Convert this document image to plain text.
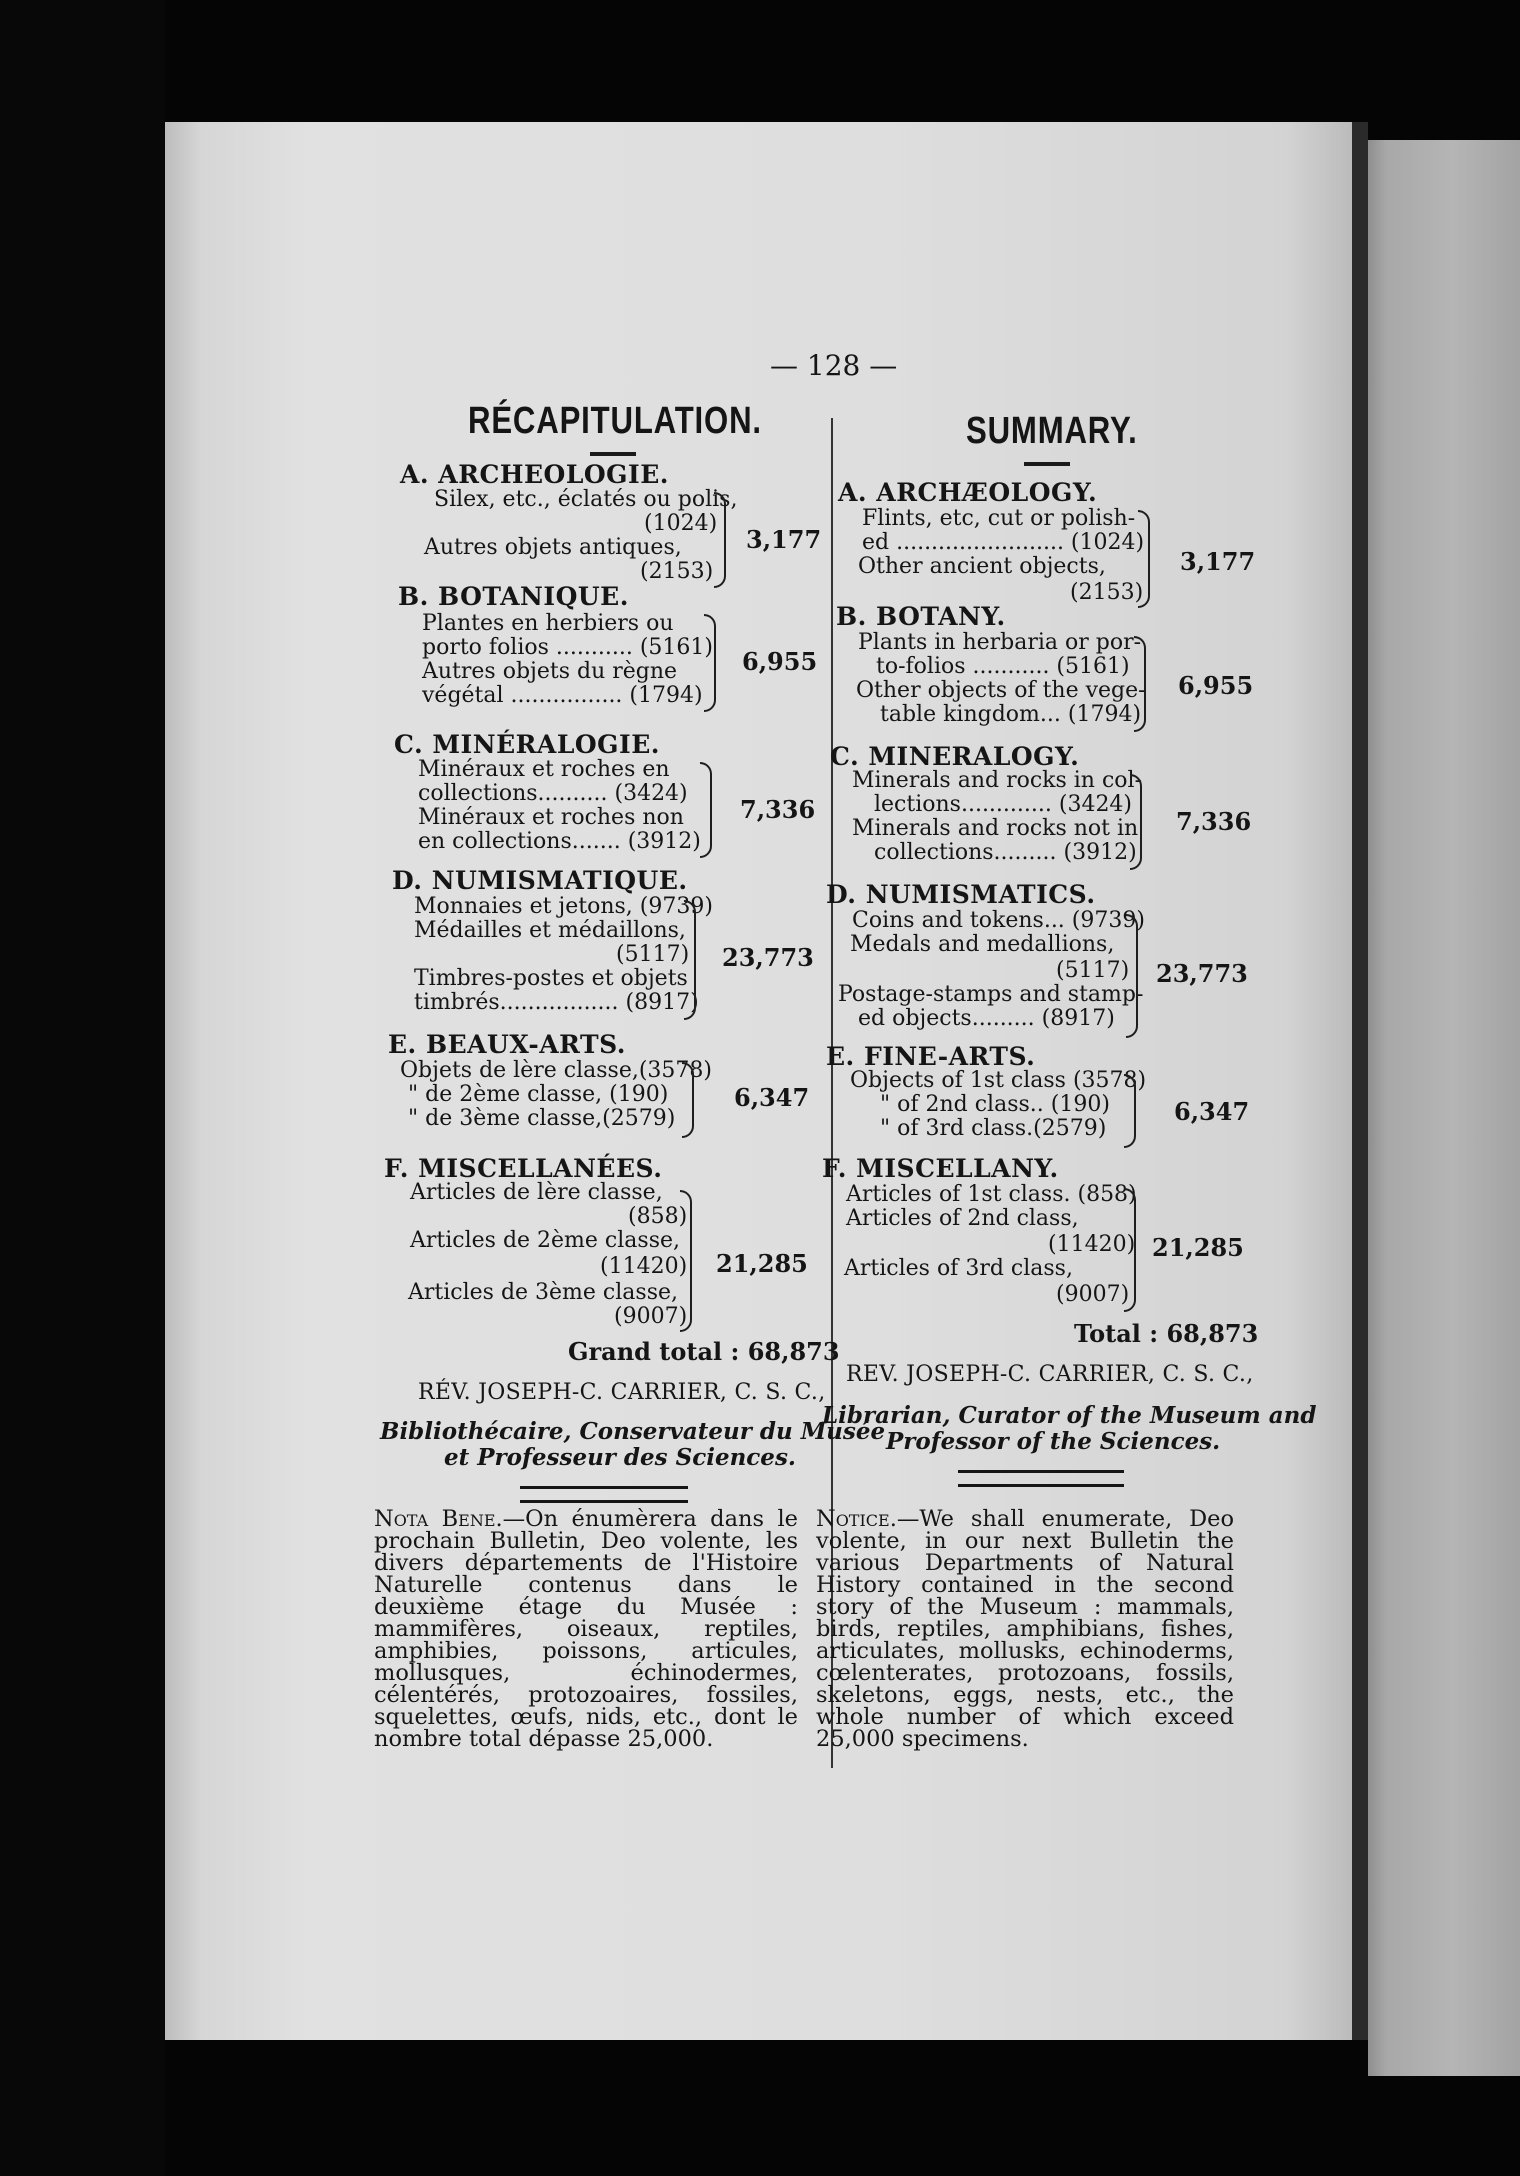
— 128 —
RÉCAPITULATION.
A. ARCHEOLOGIE.
Silex, etc., éclatés ou polis,
(1024)
Autres objets antiques,
(2153)
3,177
B. BOTANIQUE.
Plantes en herbiers ou
porto folios ........... (5161)
Autres objets du règne
végétal ................ (1794)
6,955
C. MINÉRALOGIE.
Minéraux et roches en
collections.......... (3424)
Minéraux et roches non
en collections....... (3912)
7,336
D. NUMISMATIQUE.
Monnaies et jetons, (9739)
Médailles et médaillons,
(5117)
Timbres-postes et objets
timbrés................. (8917)
23,773
E. BEAUX-ARTS.
Objets de lère classe,(3578)
" de 2ème classe, (190)
" de 3ème classe,(2579)
6,347
F. MISCELLANÉES.
Articles de lère classe,
(858)
Articles de 2ème classe,
(11420)
Articles de 3ème classe,
(9007)
21,285
Grand total : 68,873
RÉV. JOSEPH-C. CARRIER, C. S. C.,
Bibliothécaire, Conservateur du Musée
et Professeur des Sciences.
Nota Bene.—On énumèrera dans le prochain Bulletin, Deo volente, les divers départements de l'Histoire Naturelle contenus dans le deuxième étage du Musée : mammifères, oiseaux, reptiles, amphibies, poissons, articules, mollusques, échinodermes, célentérés, protozoaires, fossiles, squelettes, œufs, nids, etc., dont le nombre total dépasse 25,000.
SUMMARY.
A. ARCHÆOLOGY.
Flints, etc, cut or polish-
ed ........................ (1024)
Other ancient objects,
(2153)
3,177
B. BOTANY.
Plants in herbaria or por-
to-folios ........... (5161)
Other objects of the vege-
table kingdom... (1794)
6,955
C. MINERALOGY.
Minerals and rocks in col-
lections............. (3424)
Minerals and rocks not in
collections......... (3912)
7,336
D. NUMISMATICS.
Coins and tokens... (9739)
Medals and medallions,
(5117)
Postage-stamps and stamp-
ed objects......... (8917)
23,773
E. FINE-ARTS.
Objects of 1st class (3578)
" of 2nd class.. (190)
" of 3rd class.(2579)
6,347
F. MISCELLANY.
Articles of 1st class. (858)
Articles of 2nd class,
(11420)
Articles of 3rd class,
(9007)
21,285
Total : 68,873
REV. JOSEPH-C. CARRIER, C. S. C.,
Librarian, Curator of the Museum and
Professor of the Sciences.
Notice.—We shall enumerate, Deo volente, in our next Bulletin the various Departments of Natural History contained in the second story of the Museum : mammals, birds, reptiles, amphibians, fishes, articulates, mollusks, echinoderms, cœlenterates, protozoans, fossils, skeletons, eggs, nests, etc., the whole number of which exceed 25,000 specimens.
